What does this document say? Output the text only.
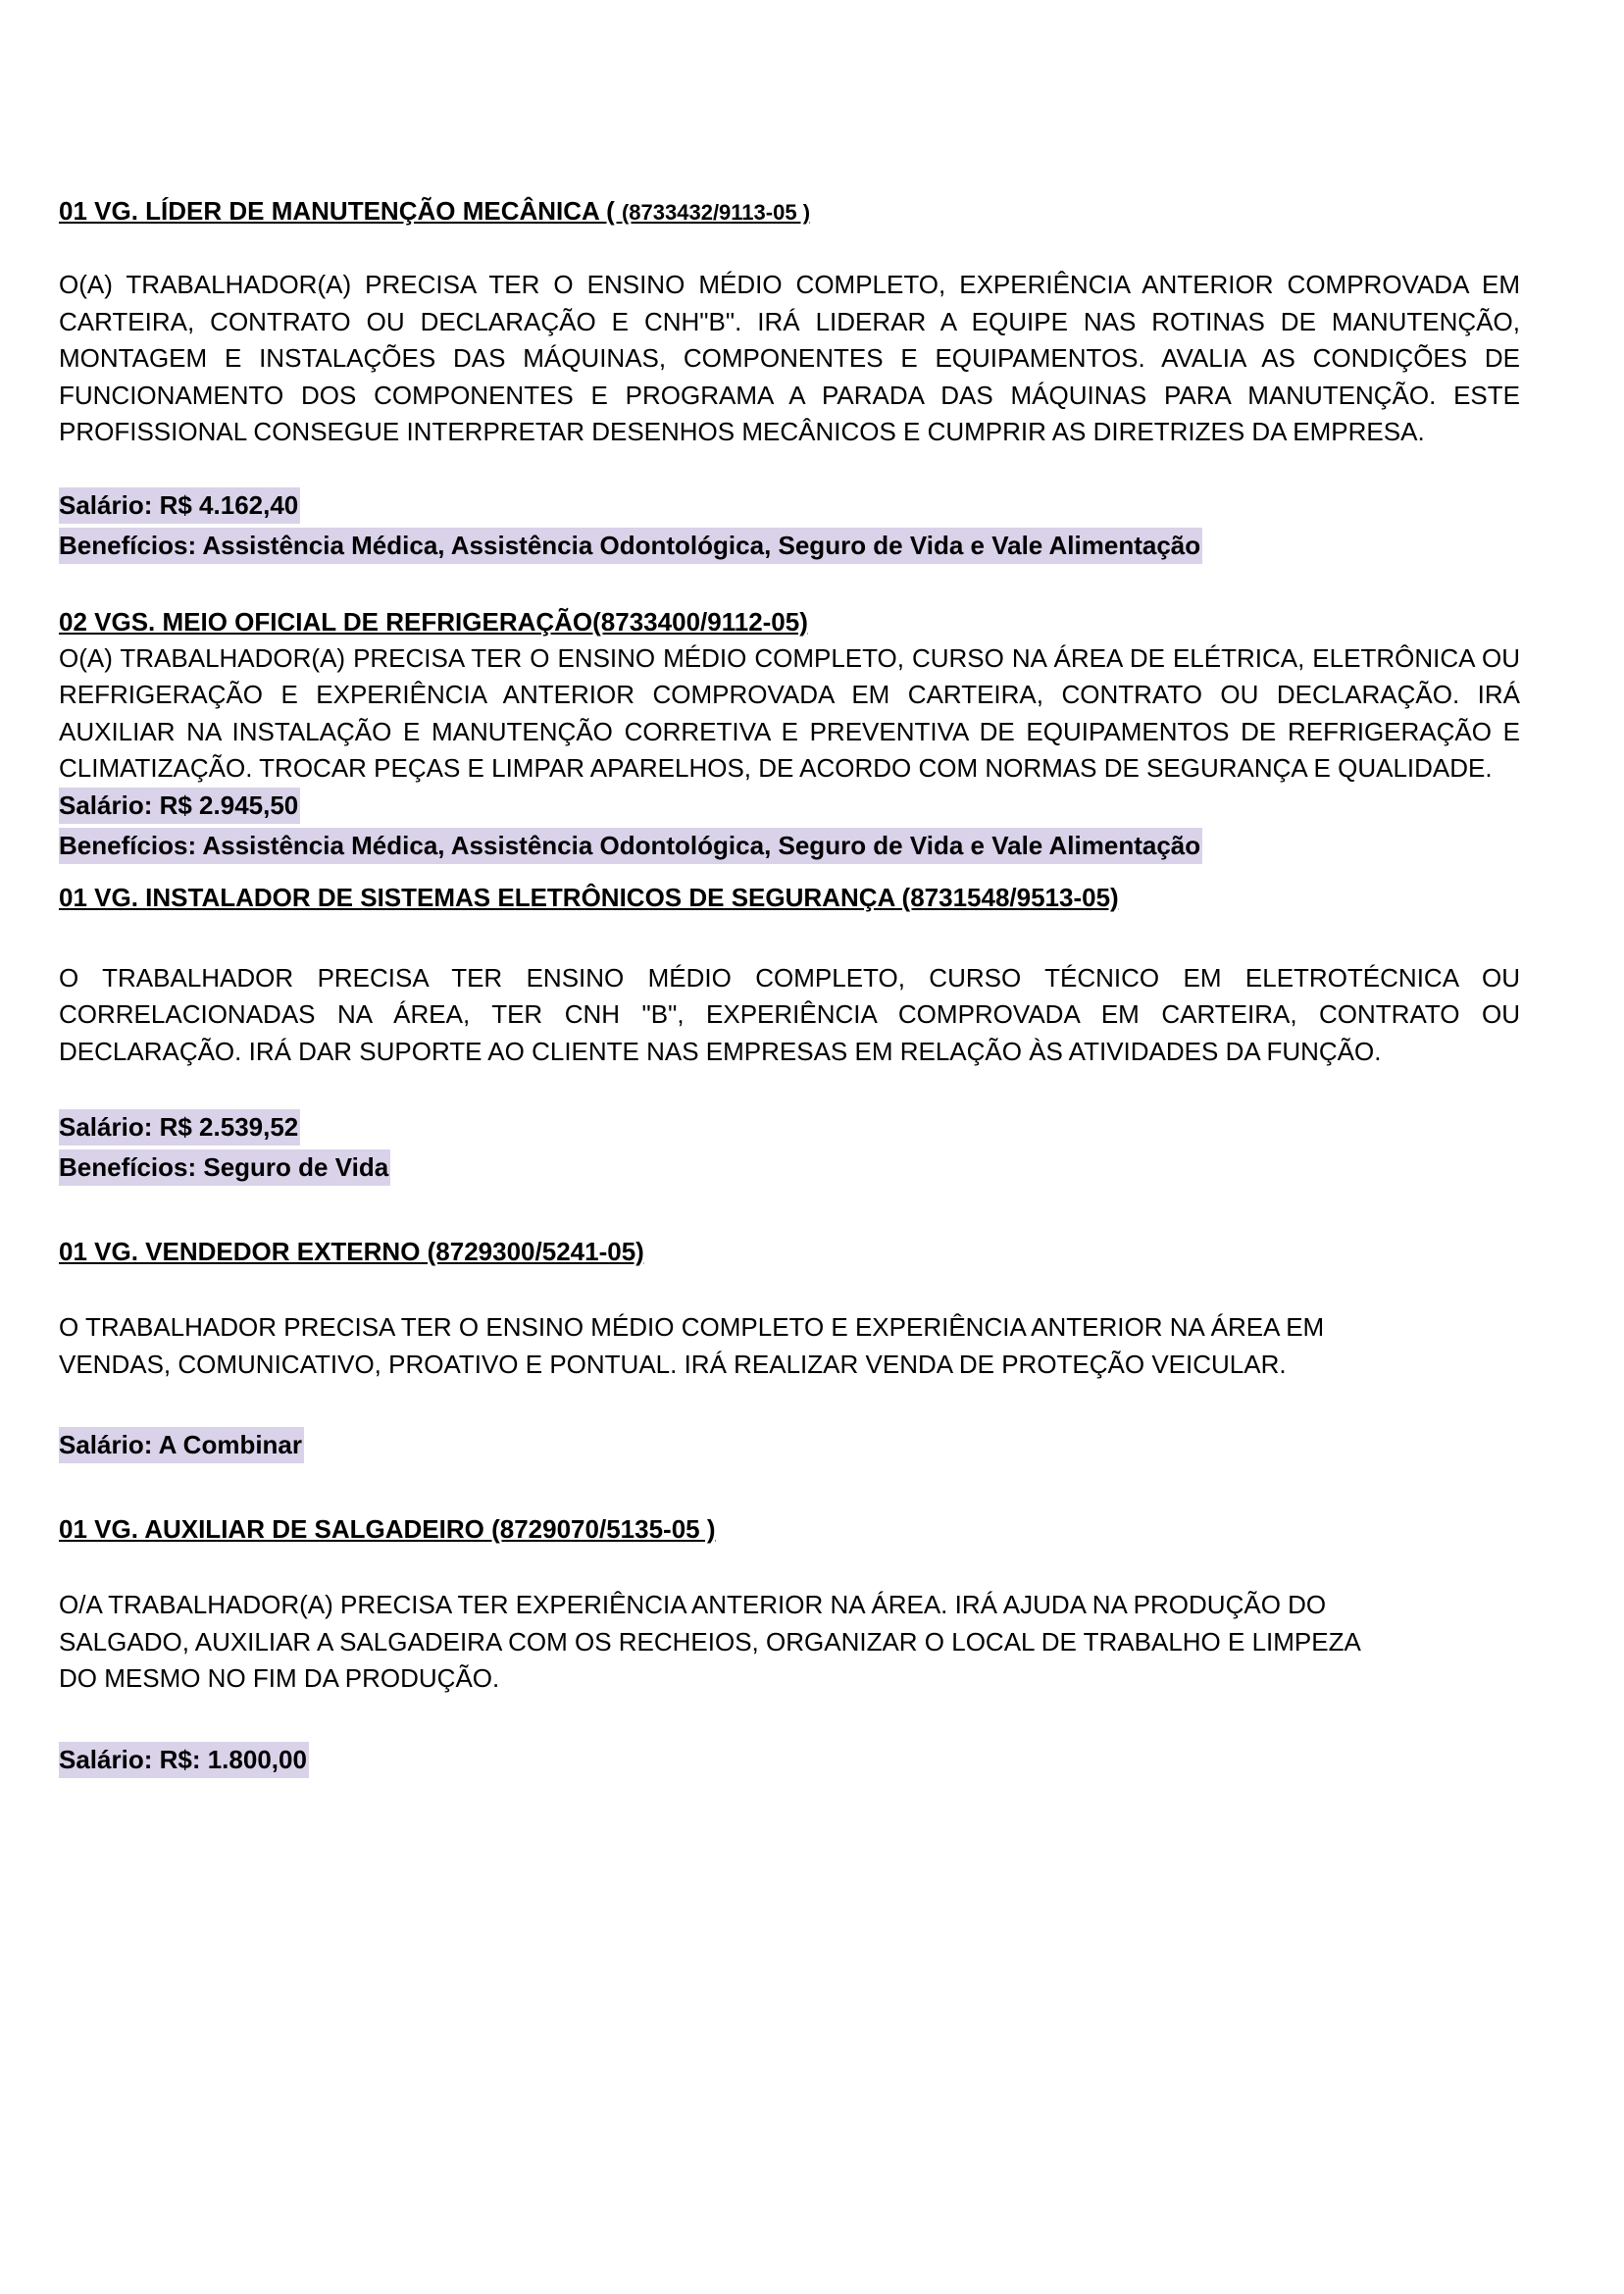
01 VG. LÍDER DE MANUTENÇÃO MECÂNICA ( (8733432/9113-05 )

O(A) TRABALHADOR(A) PRECISA TER O ENSINO MÉDIO COMPLETO, EXPERIÊNCIA ANTERIOR COMPROVADA EM CARTEIRA, CONTRATO OU DECLARAÇÃO E CNH"B". IRÁ LIDERAR A EQUIPE NAS ROTINAS DE MANUTENÇÃO, MONTAGEM E INSTALAÇÕES DAS MÁQUINAS, COMPONENTES E EQUIPAMENTOS. AVALIA AS CONDIÇÕES DE FUNCIONAMENTO DOS COMPONENTES E PROGRAMA A PARADA DAS MÁQUINAS PARA MANUTENÇÃO. ESTE PROFISSIONAL CONSEGUE INTERPRETAR DESENHOS MECÂNICOS E CUMPRIR AS DIRETRIZES DA EMPRESA.

Salário: R$ 4.162,40

Benefícios: Assistência Médica, Assistência Odontológica, Seguro de Vida e Vale Alimentação

02 VGS. MEIO OFICIAL DE REFRIGERAÇÃO(8733400/9112-05)

O(A) TRABALHADOR(A) PRECISA TER O ENSINO MÉDIO COMPLETO, CURSO NA ÁREA DE ELÉTRICA, ELETRÔNICA OU REFRIGERAÇÃO E EXPERIÊNCIA ANTERIOR COMPROVADA EM CARTEIRA, CONTRATO OU DECLARAÇÃO. IRÁ AUXILIAR NA INSTALAÇÃO E MANUTENÇÃO CORRETIVA E PREVENTIVA DE EQUIPAMENTOS DE REFRIGERAÇÃO E CLIMATIZAÇÃO. TROCAR PEÇAS E LIMPAR APARELHOS, DE ACORDO COM NORMAS DE SEGURANÇA E QUALIDADE.

Salário: R$ 2.945,50

Benefícios: Assistência Médica, Assistência Odontológica, Seguro de Vida e Vale Alimentação

01 VG. INSTALADOR DE SISTEMAS ELETRÔNICOS DE SEGURANÇA (8731548/9513-05)

O TRABALHADOR PRECISA TER ENSINO MÉDIO COMPLETO, CURSO TÉCNICO EM ELETROTÉCNICA OU CORRELACIONADAS NA ÁREA, TER CNH "B", EXPERIÊNCIA COMPROVADA EM CARTEIRA, CONTRATO OU DECLARAÇÃO. IRÁ DAR SUPORTE AO CLIENTE NAS EMPRESAS EM RELAÇÃO ÀS ATIVIDADES DA FUNÇÃO.

Salário: R$ 2.539,52

Benefícios: Seguro de Vida

01 VG. VENDEDOR EXTERNO (8729300/5241-05)

O TRABALHADOR PRECISA TER O ENSINO MÉDIO COMPLETO E EXPERIÊNCIA ANTERIOR NA ÁREA EM

VENDAS, COMUNICATIVO, PROATIVO E PONTUAL. IRÁ REALIZAR VENDA DE PROTEÇÃO VEICULAR.

Salário: A Combinar

01 VG. AUXILIAR DE SALGADEIRO (8729070/5135-05 )

O/A TRABALHADOR(A) PRECISA TER EXPERIÊNCIA ANTERIOR NA ÁREA. IRÁ AJUDA NA PRODUÇÃO DO

SALGADO, AUXILIAR A SALGADEIRA COM OS RECHEIOS, ORGANIZAR O LOCAL DE TRABALHO E LIMPEZA

DO MESMO NO FIM DA PRODUÇÃO.

Salário: R$: 1.800,00
